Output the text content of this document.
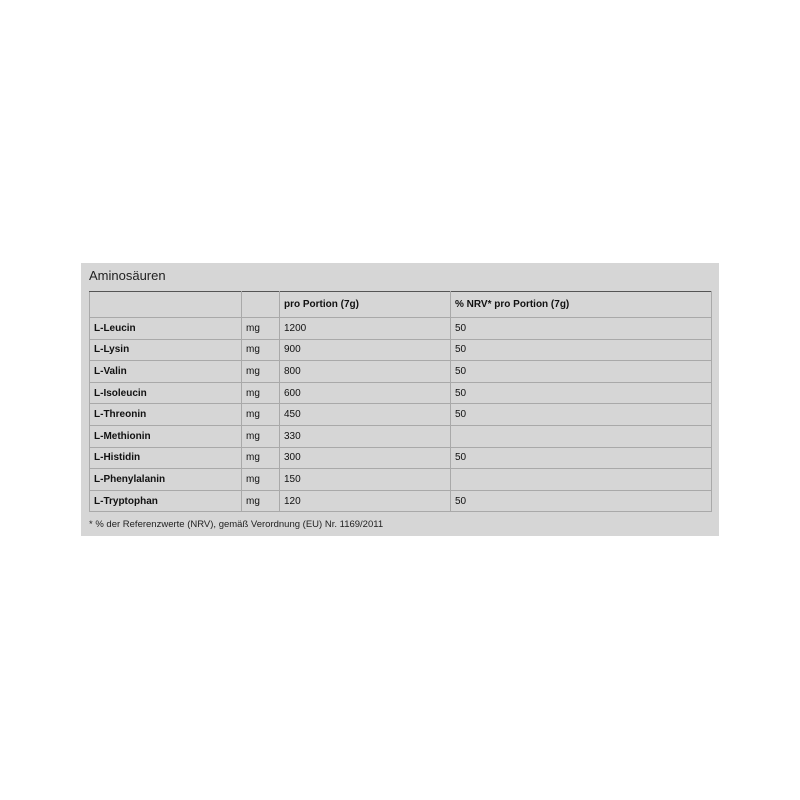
Aminosäuren
		pro Portion (7g)	% NRV* pro Portion (7g)
L-Leucin	mg	1200	50
L-Lysin	mg	900	50
L-Valin	mg	800	50
L-Isoleucin	mg	600	50
L-Threonin	mg	450	50
L-Methionin	mg	330	
L-Histidin	mg	300	50
L-Phenylalanin	mg	150	
L-Tryptophan	mg	120	50
* % der Referenzwerte (NRV), gemäß Verordnung (EU) Nr. 1169/2011
